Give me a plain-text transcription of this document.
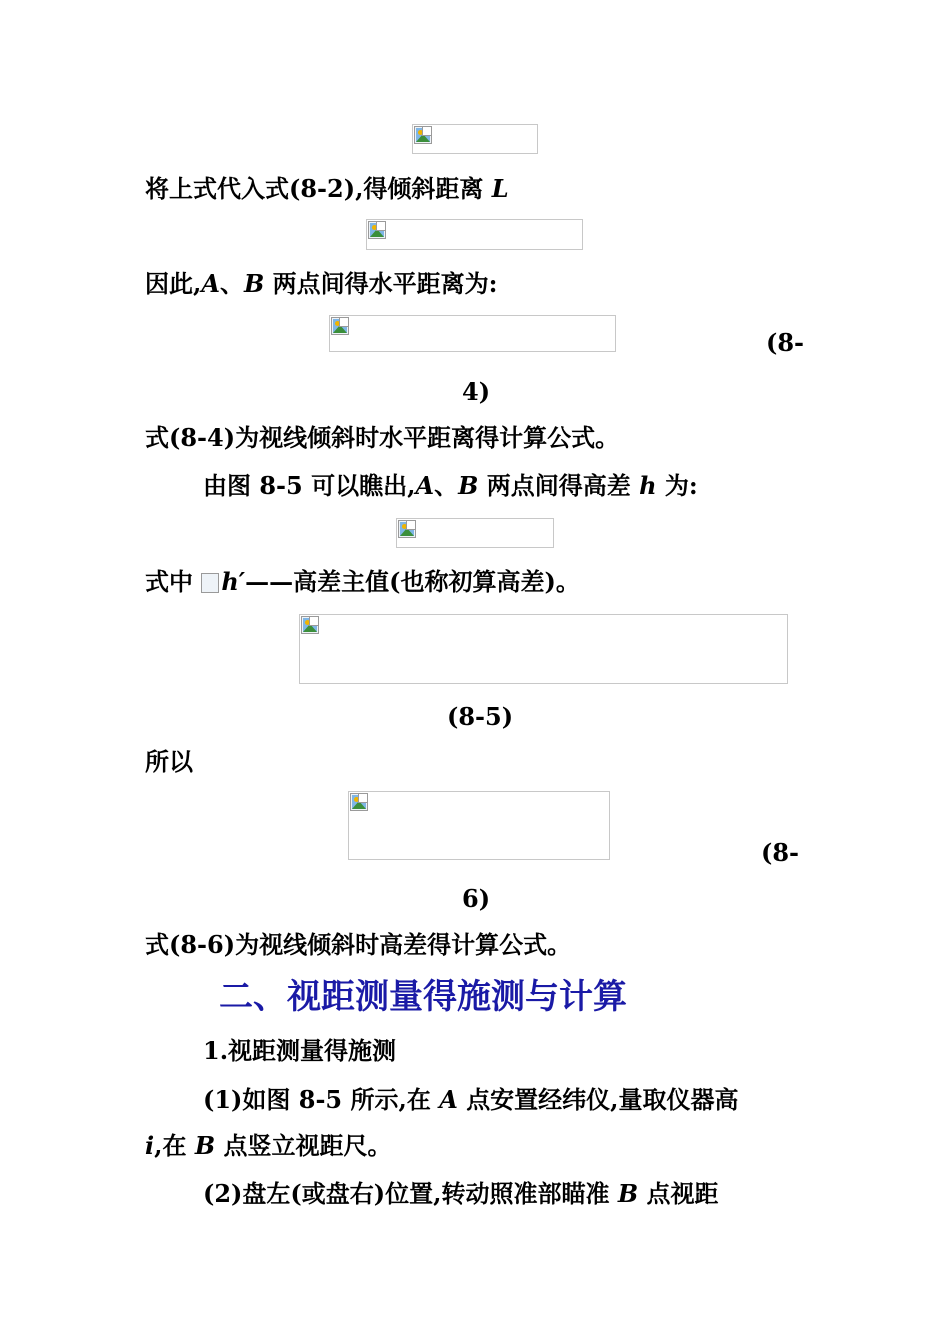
将上式代入式(8-2),得倾斜距离 L
因此,A、B 两点间得水平距离为:
(8-
4)
式(8-4)为视线倾斜时水平距离得计算公式。
由图 8-5 可以瞧出,A、B 两点间得高差 h 为:
式中 h′——高差主值(也称初算高差)。
(8-5)
所以
(8-
6)
式(8-6)为视线倾斜时高差得计算公式。
二、视距测量得施测与计算
1.视距测量得施测
(1)如图 8-5 所示,在 A 点安置经纬仪,量取仪器高
i,在 B 点竖立视距尺。
(2)盘左(或盘右)位置,转动照准部瞄准 B 点视距
